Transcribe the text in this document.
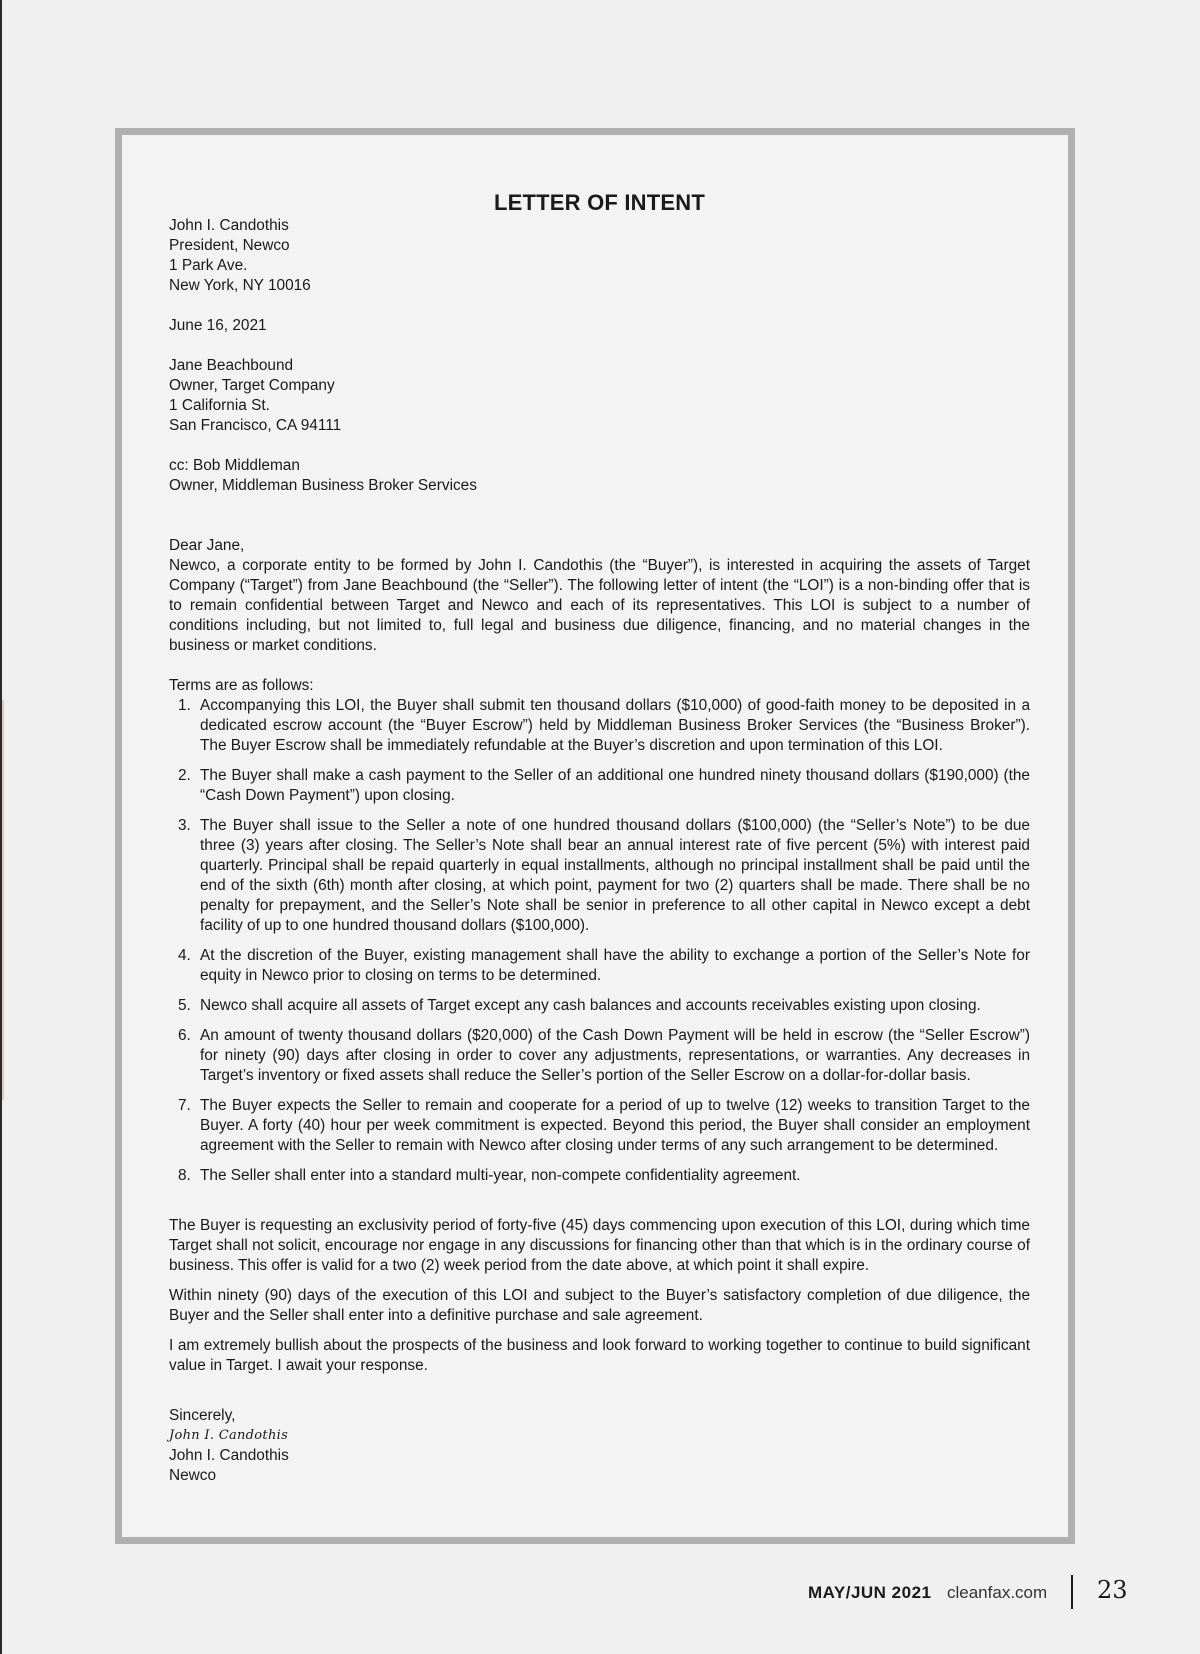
LETTER OF INTENT
John I. Candothis
President, Newco
1 Park Ave.
New York, NY 10016
June 16, 2021
Jane Beachbound
Owner, Target Company
1 California St.
San Francisco, CA 94111
cc: Bob Middleman
Owner, Middleman Business Broker Services
Dear Jane,
Newco, a corporate entity to be formed by John I. Candothis (the “Buyer”), is interested in acquiring the assets of Target Company (“Target”) from Jane Beachbound (the “Seller”). The following letter of intent (the “LOI”) is a non-binding offer that is to remain confidential between Target and Newco and each of its representatives. This LOI is subject to a number of conditions including, but not limited to, full legal and business due diligence, financing, and no material changes in the business or market conditions.
Terms are as follows:
1. Accompanying this LOI, the Buyer shall submit ten thousand dollars ($10,000) of good-faith money to be deposited in a dedicated escrow account (the “Buyer Escrow”) held by Middleman Business Broker Services (the “Business Broker”). The Buyer Escrow shall be immediately refundable at the Buyer’s discretion and upon termination of this LOI.
2. The Buyer shall make a cash payment to the Seller of an additional one hundred ninety thousand dollars ($190,000) (the “Cash Down Payment”) upon closing.
3. The Buyer shall issue to the Seller a note of one hundred thousand dollars ($100,000) (the “Seller’s Note”) to be due three (3) years after closing. The Seller’s Note shall bear an annual interest rate of five percent (5%) with interest paid quarterly. Principal shall be repaid quarterly in equal installments, although no principal installment shall be paid until the end of the sixth (6th) month after closing, at which point, payment for two (2) quarters shall be made. There shall be no penalty for prepayment, and the Seller’s Note shall be senior in preference to all other capital in Newco except a debt facility of up to one hundred thousand dollars ($100,000).
4. At the discretion of the Buyer, existing management shall have the ability to exchange a portion of the Seller’s Note for equity in Newco prior to closing on terms to be determined.
5. Newco shall acquire all assets of Target except any cash balances and accounts receivables existing upon closing.
6. An amount of twenty thousand dollars ($20,000) of the Cash Down Payment will be held in escrow (the “Seller Escrow”) for ninety (90) days after closing in order to cover any adjustments, representations, or warranties. Any decreases in Target’s inventory or fixed assets shall reduce the Seller’s portion of the Seller Escrow on a dollar-for-dollar basis.
7. The Buyer expects the Seller to remain and cooperate for a period of up to twelve (12) weeks to transition Target to the Buyer. A forty (40) hour per week commitment is expected. Beyond this period, the Buyer shall consider an employment agreement with the Seller to remain with Newco after closing under terms of any such arrangement to be determined.
8. The Seller shall enter into a standard multi-year, non-compete confidentiality agreement.

The Buyer is requesting an exclusivity period of forty-five (45) days commencing upon execution of this LOI, during which time Target shall not solicit, encourage nor engage in any discussions for financing other than that which is in the ordinary course of business. This offer is valid for a two (2) week period from the date above, at which point it shall expire.

Within ninety (90) days of the execution of this LOI and subject to the Buyer’s satisfactory completion of due diligence, the Buyer and the Seller shall enter into a definitive purchase and sale agreement.

I am extremely bullish about the prospects of the business and look forward to working together to continue to build significant value in Target. I await your response.

Sincerely,
John I. Candothis
John I. Candothis
Newco
MAY/JUN 2021 cleanfax.com 23
